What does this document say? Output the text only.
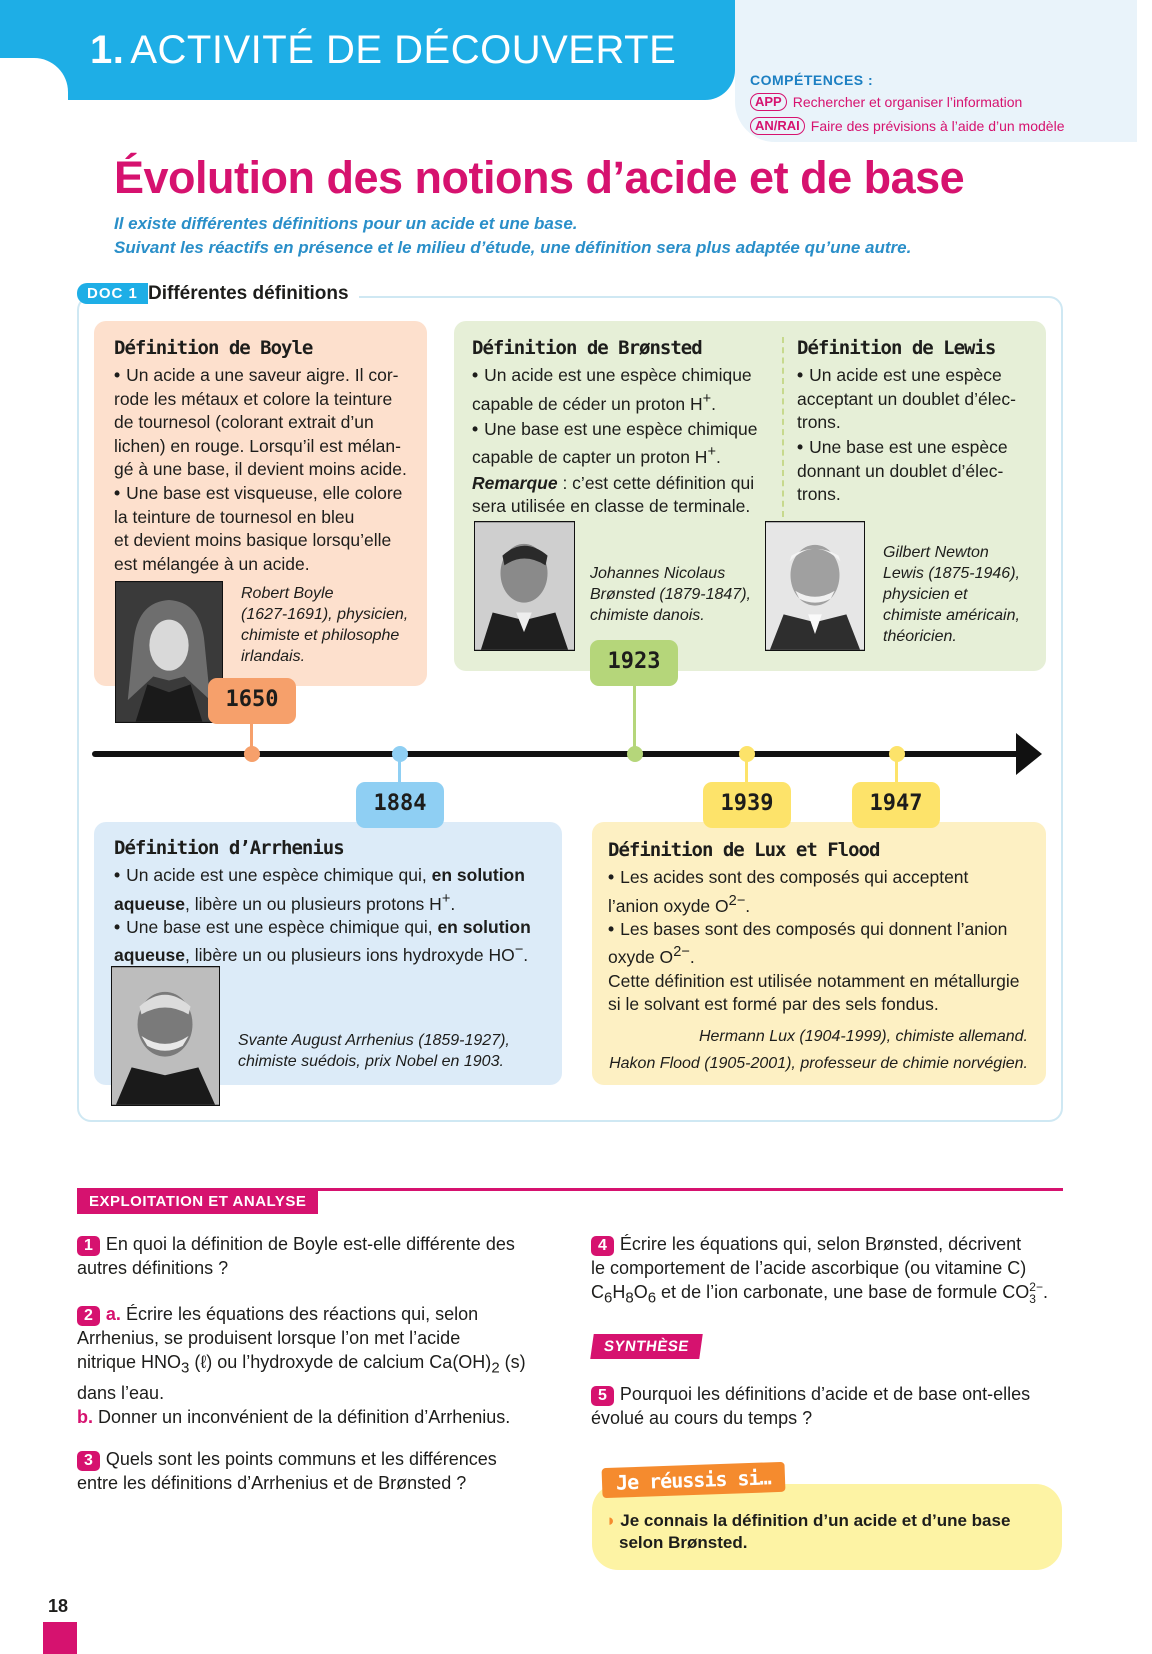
1. ACTIVITÉ DE DÉCOUVERTE
COMPÉTENCES :
APP Rechercher et organiser l’information
AN/RAI Faire des prévisions à l’aide d’un modèle
Évolution des notions d’acide et de base
Il existe différentes définitions pour un acide et une base.
Suivant les réactifs en présence et le milieu d’étude, une définition sera plus adaptée qu’une autre.
DOC 1 Différentes définitions
Définition de Boyle
• Un acide a une saveur aigre. Il cor-
rode les métaux et colore la teinture
de tournesol (colorant extrait d’un
lichen) en rouge. Lorsqu’il est mélan-
gé à une base, il devient moins acide.
• Une base est visqueuse, elle colore
la teinture de tournesol en bleu
et devient moins basique lorsqu’elle
est mélangée à un acide.
Robert Boyle
(1627-1691), physicien,
chimiste et philosophe
irlandais.
Définition de Brønsted
• Un acide est une espèce chimique
capable de céder un proton H+.
• Une base est une espèce chimique
capable de capter un proton H+.
Remarque : c’est cette définition qui
sera utilisée en classe de terminale.
Johannes Nicolaus
Brønsted (1879-1847),
chimiste danois.
Définition de Lewis
• Un acide est une espèce
acceptant un doublet d’élec-
trons.
• Une base est une espèce
donnant un doublet d’élec-
trons.
Gilbert Newton
Lewis (1875-1946),
physicien et
chimiste américain,
théoricien.
Définition d’Arrhenius
• Un acide est une espèce chimique qui, en solution
aqueuse, libère un ou plusieurs protons H+.
• Une base est une espèce chimique qui, en solution
aqueuse, libère un ou plusieurs ions hydroxyde HO−.
Svante August Arrhenius (1859-1927),
chimiste suédois, prix Nobel en 1903.
Définition de Lux et Flood
• Les acides sont des composés qui acceptent
l’anion oxyde $O^{2-}$.
• Les bases sont des composés qui donnent l’anion
oxyde $O^{2-}$.
Cette définition est utilisée notamment en métallurgie
si le solvant est formé par des sels fondus.
Hermann Lux (1904-1999), chimiste allemand.
Hakon Flood (1905-2001), professeur de chimie norvégien.
1650
1884
1923
1939	1947
EXPLOITATION ET ANALYSE
1 En quoi la définition de Boyle est-elle différente des
autres définitions ?
2 a. Écrire les équations des réactions qui, selon
Arrhenius, se produisent lorsque l’on met l’acide
nitrique $HNO_3$ (ℓ) ou l’hydroxyde de calcium $Ca(OH)_2$ (s)
dans l’eau.
b. Donner un inconvénient de la définition d’Arrhenius.
3 Quels sont les points communs et les différences
entre les définitions d’Arrhenius et de Brønsted ?
4 Écrire les équations qui, selon Brønsted, décrivent
le comportement de l’acide ascorbique (ou vitamine C)
$C_6H_8O_6$ et de l’ion carbonate, une base de formule CO 2−
3 .
SYNTHÈSE
5 Pourquoi les définitions d’acide et de base ont-elles
évolué au cours du temps ?
Je réussis si…
◗ Je connais la définition d’un acide et d’une base
selon Brønsted.
18
